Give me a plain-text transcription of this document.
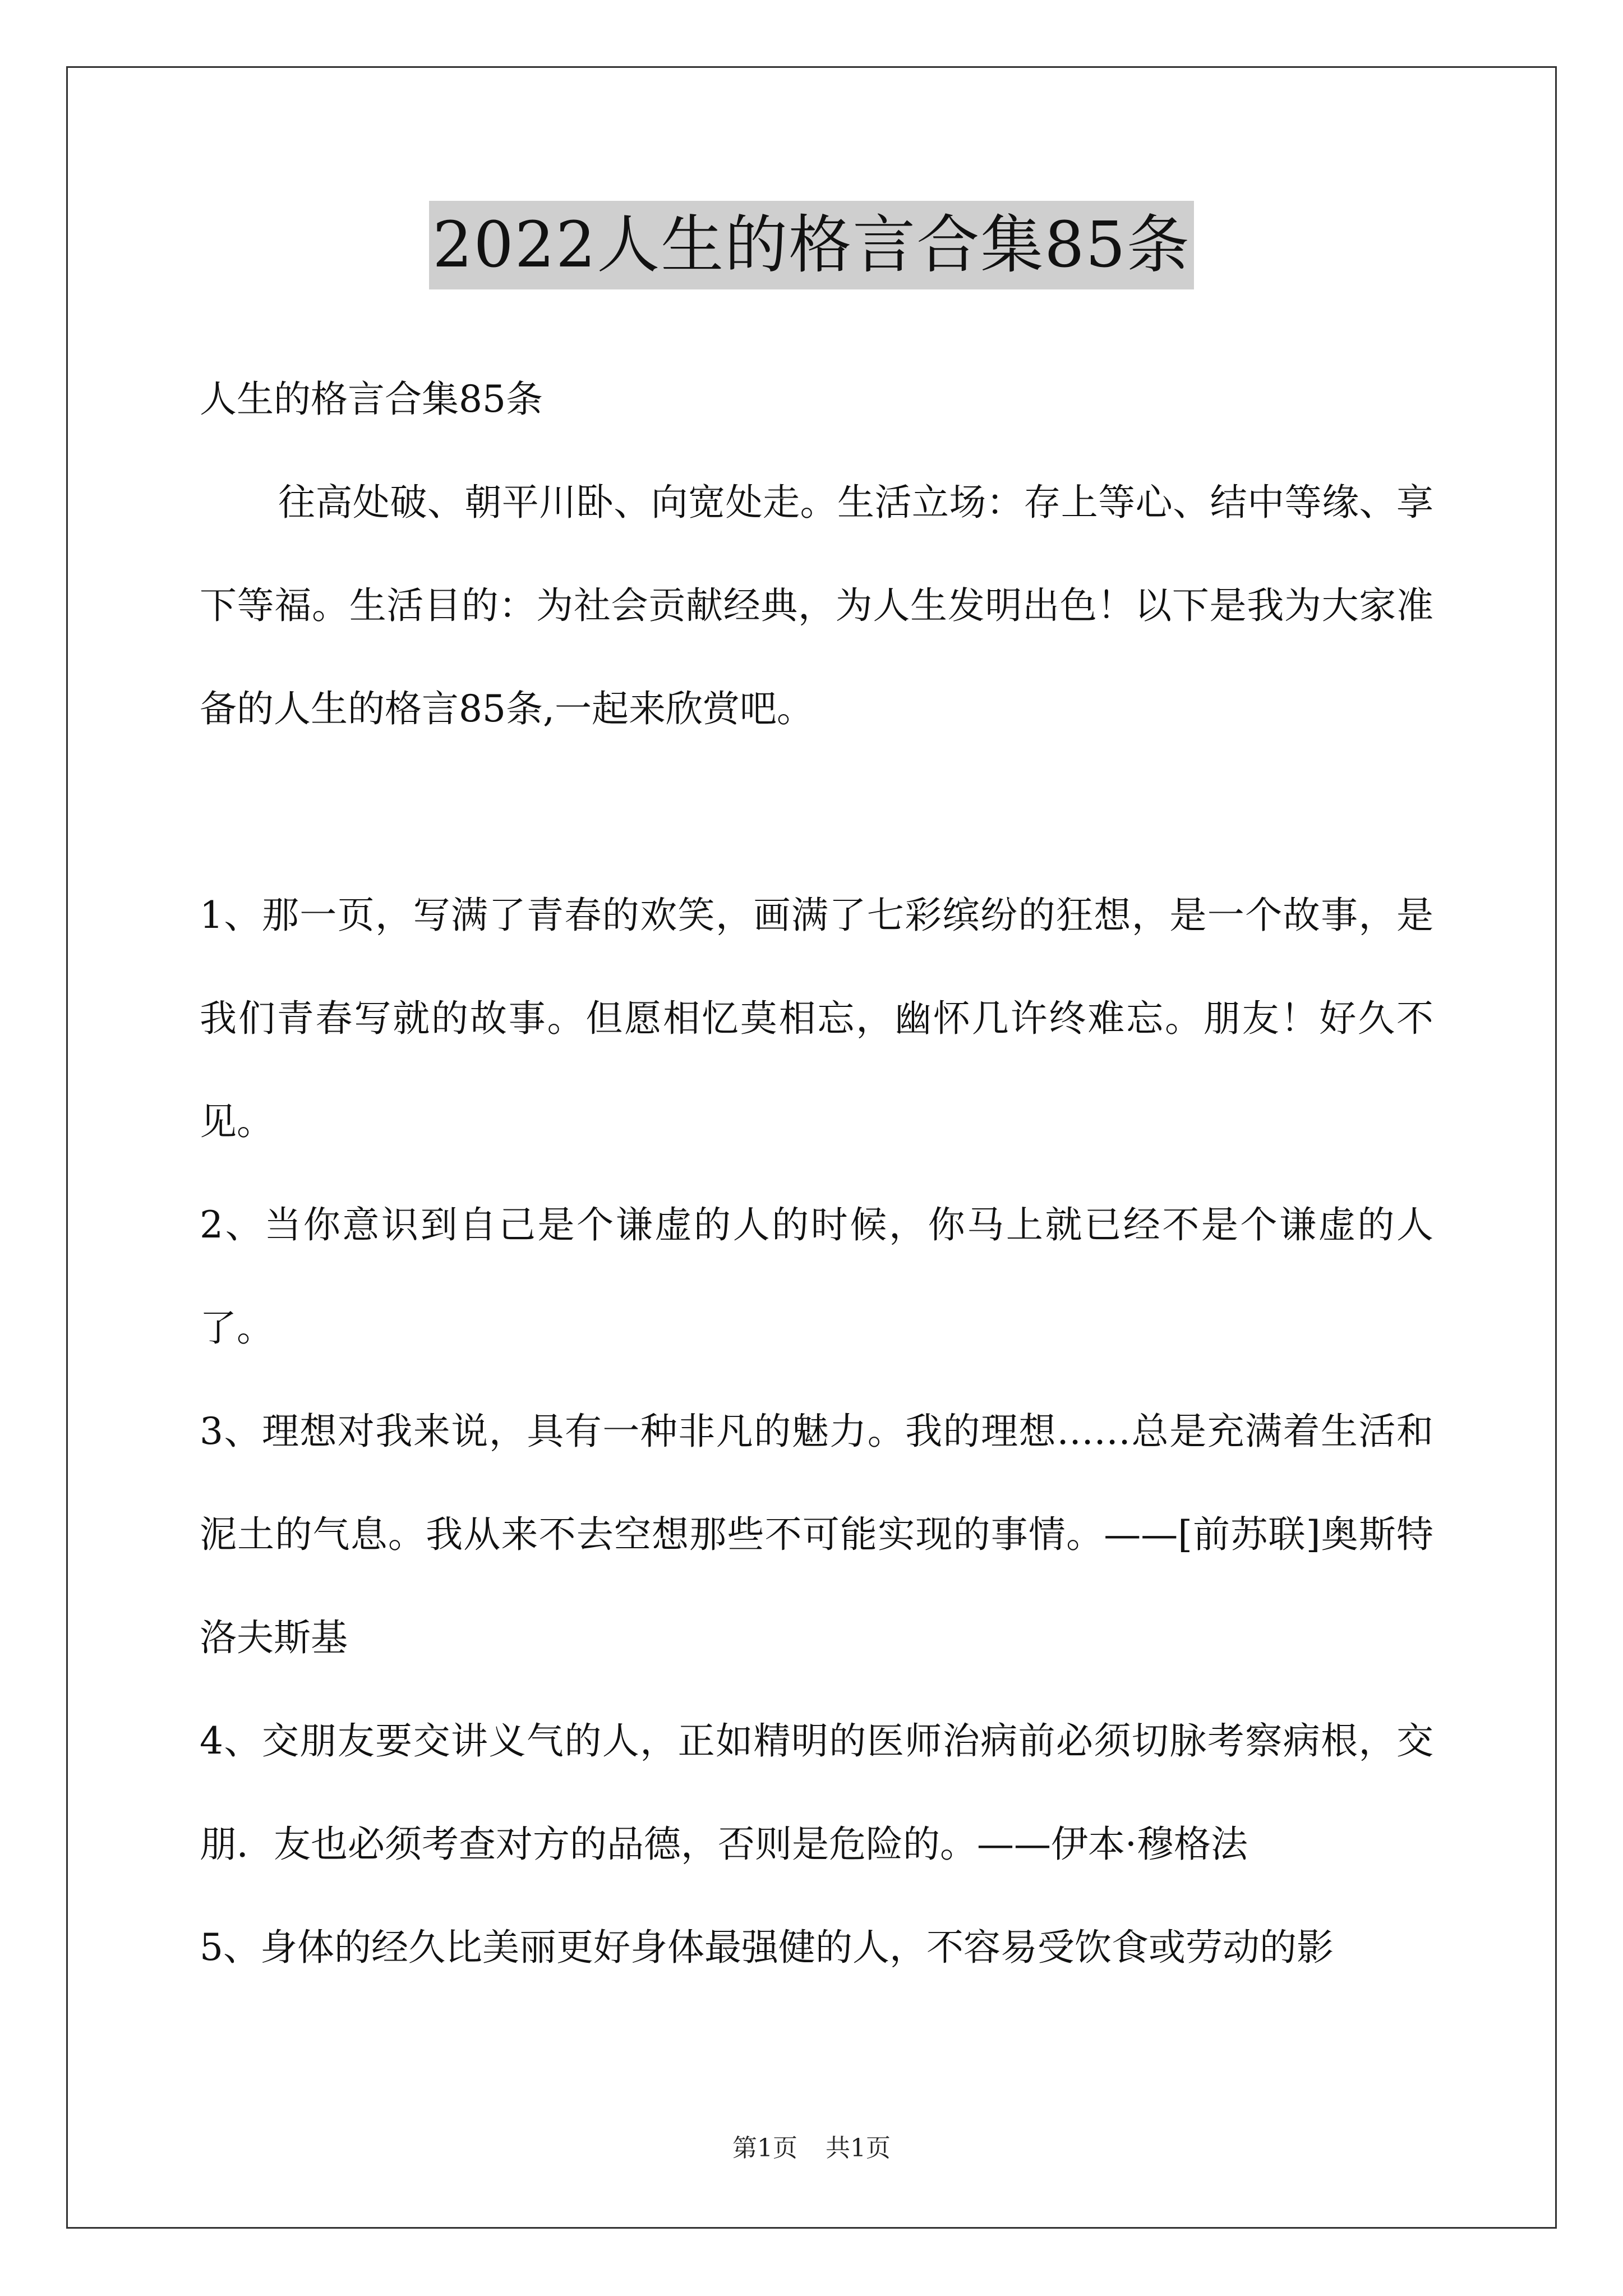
2022人生的格言合集85条

人生的格言合集85条

往高处破、朝平川卧、向宽处走。生活立场：存上等心、结中等缘、享下等福。生活目的：为社会贡献经典，为人生发明出色！以下是我为大家准备的人生的格言85条,一起来欣赏吧。

1、那一页，写满了青春的欢笑，画满了七彩缤纷的狂想，是一个故事，是我们青春写就的故事。但愿相忆莫相忘，幽怀几许终难忘。朋友！好久不见。

2、当你意识到自己是个谦虚的人的时候，你马上就已经不是个谦虚的人了。

3、理想对我来说，具有一种非凡的魅力。我的理想……总是充满着生活和泥土的气息。我从来不去空想那些不可能实现的事情。——[前苏联]奥斯特洛夫斯基

4、交朋友要交讲义气的人，正如精明的医师治病前必须切脉考察病根，交朋．友也必须考查对方的品德，否则是危险的。——伊本·穆格法

5、身体的经久比美丽更好身体最强健的人，不容易受饮食或劳动的影

第1页 共1页
